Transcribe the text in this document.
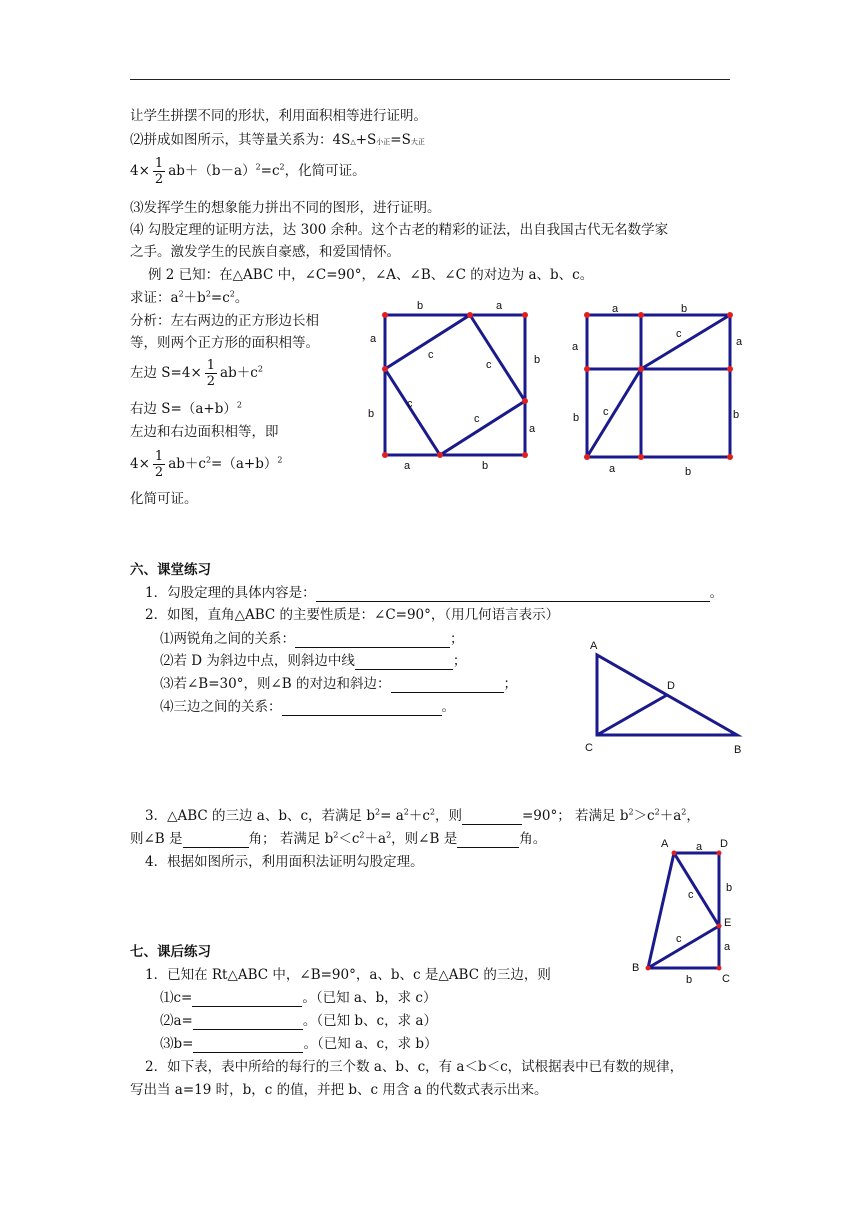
让学生拼摆不同的形状，利用面积相等进行证明。
⑵拼成如图所示，其等量关系为：4S△+S小正=S大正
$4\times \frac{1}{2} ab+(b-a)^2=c^2$，化简可证。
⑶发挥学生的想象能力拼出不同的图形，进行证明。
⑷ 勾股定理的证明方法，达 300 余种。这个古老的精彩的证法，出自我国古代无名数学家
之手。激发学生的民族自豪感，和爱国情怀。
例 2 已知：在△ABC 中，∠C=90°，∠A、∠B、∠C 的对边为 a、b、c。
求证：$a^2+b^2=c^2$。
分析：左右两边的正方形边长相
等，则两个正方形的面积相等。
左边 $S=4\times \frac{1}{2} ab+c^2$
右边 $S=(a+b)^2$
左边和右边面积相等，即
$4\times \frac{1}{2} ab+c^2=(a+b)^2$
化简可证。
b	a
a
b
b
a
a	b
c
c
c
c
a	b
a
b
a
b
a	b
c
c
六、课堂练习
1．勾股定理的具体内容是：	。
2．如图，直角△ABC 的主要性质是：∠C=90°，（用几何语言表示）
⑴两锐角之间的关系：	；
⑵若 D 为斜边中点，则斜边中线	；
⑶若∠B=30°，则∠B 的对边和斜边：	；
⑷三边之间的关系：	。
A
D
C	B
3．△ABC 的三边 a、b、c，若满足 $b^2= a^2+c^2$，则	=90°； 若满足 $b^2>c^2+a^2$，
则∠B 是	角； 若满足 $b^2<c^2+a^2$，则∠B 是	角。
4．根据如图所示，利用面积法证明勾股定理。
A	D
E
C
B
a
a
b
b
c
c
七、课后练习
1．已知在 Rt△ABC 中，∠B=90°，a、b、c 是△ABC 的三边，则
⑴c=	。（已知 a、b，求 c）
⑵a=	。（已知 b、c，求 a）
⑶b=	。（已知 a、c，求 b）
2．如下表，表中所给的每行的三个数 a、b、c，有 a＜b＜c，试根据表中已有数的规律，
写出当 a=19 时，b，c 的值，并把 b、c 用含 a 的代数式表示出来。
